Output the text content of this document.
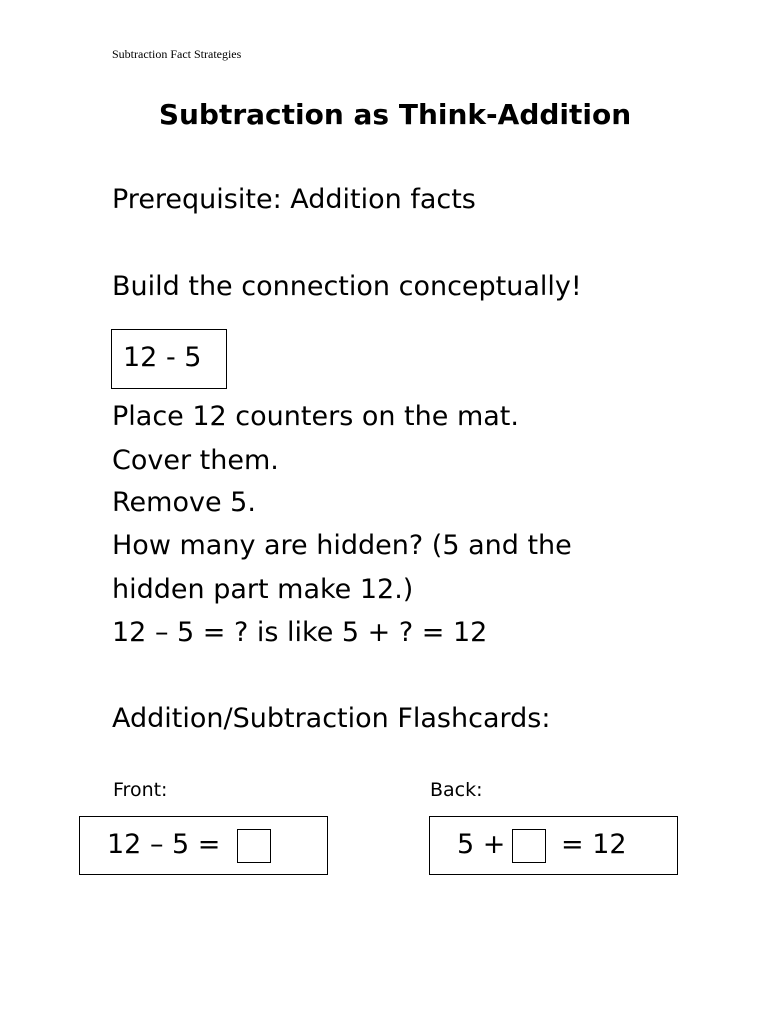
Subtraction Fact Strategies
Subtraction as Think-Addition
Prerequisite: Addition facts
Build the connection conceptually!
12 - 5
Place 12 counters on the mat.
Cover them.
Remove 5.
How many are hidden? (5 and the
hidden part make 12.)
12 – 5 = ? is like 5 + ? = 12
Addition/Subtraction Flashcards:
Front:	Back:
12 – 5 =	5 + = 12
